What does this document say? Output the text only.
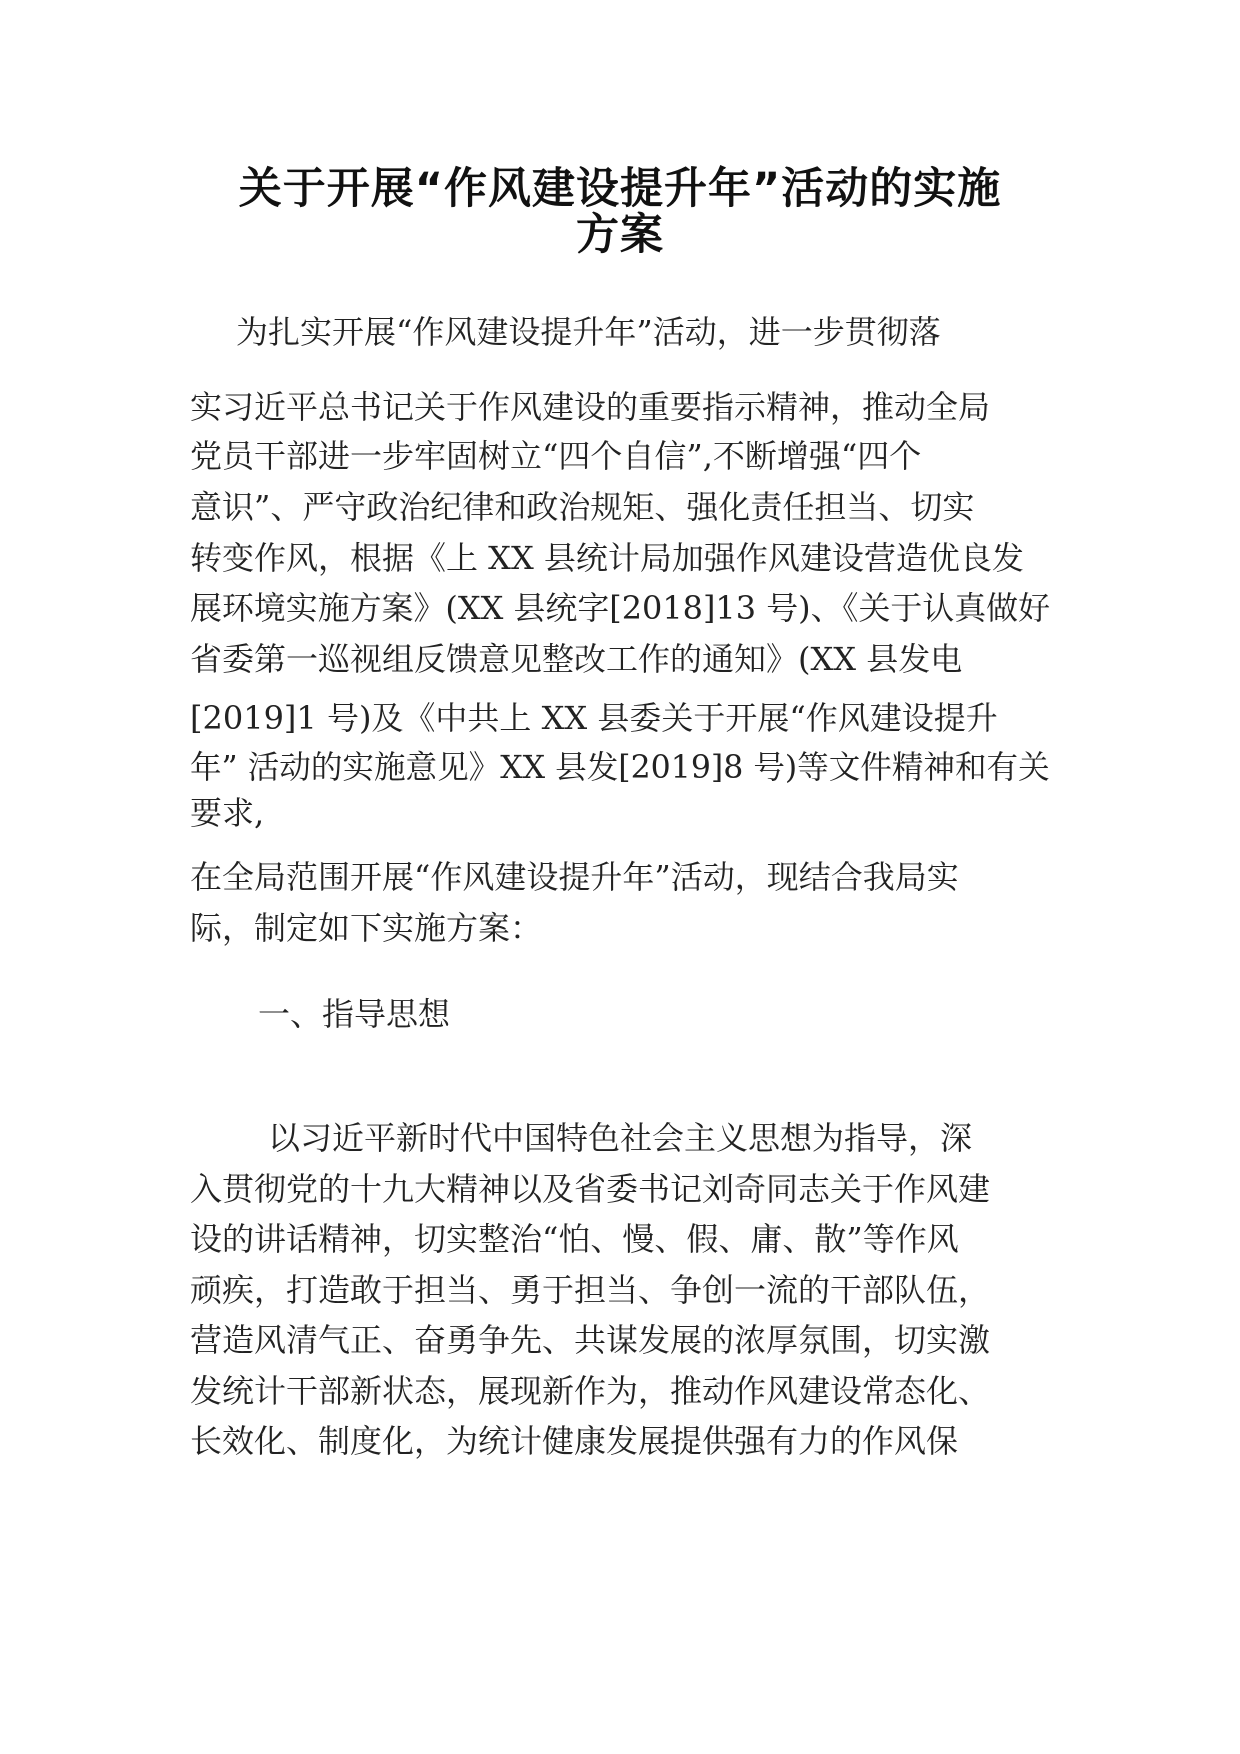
关于开展“作风建设提升年”活动的实施
方案
为扎实开展“作风建设提升年”活动，进一步贯彻落
实习近平总书记关于作风建设的重要指示精神，推动全局
党员干部进一步牢固树立“四个自信”,不断增强“四个
意识”、严守政治纪律和政治规矩、强化责任担当、切实
转变作风，根据《上 XX 县统计局加强作风建设营造优良发
展环境实施方案》(XX 县统字[2018]13 号)、《关于认真做好
省委第一巡视组反馈意见整改工作的通知》(XX 县发电
[2019]1 号)及《中共上 XX 县委关于开展“作风建设提升
年” 活动的实施意见》XX 县发[2019]8 号)等文件精神和有关
要求,
在全局范围开展“作风建设提升年”活动，现结合我局实
际，制定如下实施方案：
一、指导思想
以习近平新时代中国特色社会主义思想为指导，深
入贯彻党的十九大精神以及省委书记刘奇同志关于作风建
设的讲话精神，切实整治“怕、慢、假、庸、散”等作风
顽疾，打造敢于担当、勇于担当、争创一流的干部队伍，
营造风清气正、奋勇争先、共谋发展的浓厚氛围，切实激
发统计干部新状态，展现新作为，推动作风建设常态化、
长效化、制度化，为统计健康发展提供强有力的作风保
